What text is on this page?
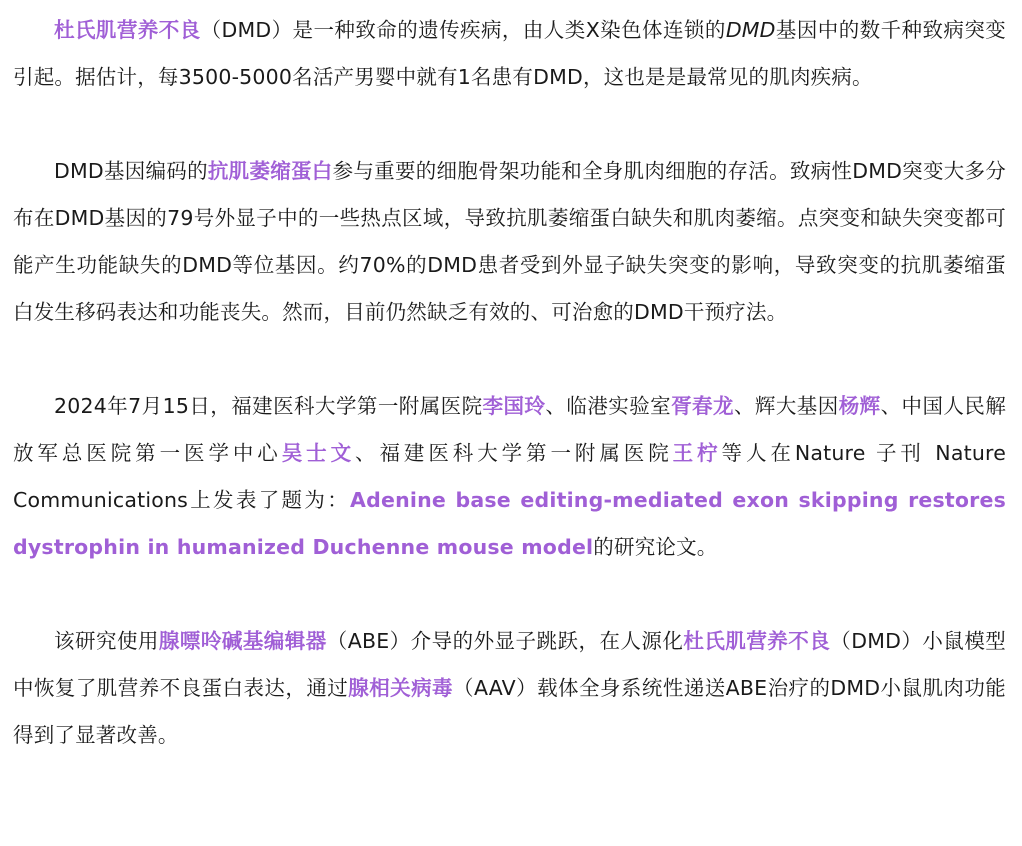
杜氏肌营养不良（DMD）是一种致命的遗传疾病，由人类X染色体连锁的DMD基因中的数千种致病突变引起。据估计，每3500-5000名活产男婴中就有1名患有DMD，这也是是最常见的肌肉疾病。

DMD基因编码的抗肌萎缩蛋白参与重要的细胞骨架功能和全身肌肉细胞的存活。致病性DMD突变大多分布在DMD基因的79号外显子中的一些热点区域，导致抗肌萎缩蛋白缺失和肌肉萎缩。点突变和缺失突变都可能产生功能缺失的DMD等位基因。约70%的DMD患者受到外显子缺失突变的影响，导致突变的抗肌萎缩蛋白发生移码表达和功能丧失。然而，目前仍然缺乏有效的、可治愈的DMD干预疗法。

2024年7月15日，福建医科大学第一附属医院李国玲、临港实验室胥春龙、辉大基因杨辉、中国人民解放军总医院第一医学中心吴士文、福建医科大学第一附属医院王柠等人在Nature 子刊 Nature Communications上发表了题为：Adenine base editing-mediated exon skipping restores dystrophin in humanized Duchenne mouse model的研究论文。

该研究使用腺嘌呤碱基编辑器（ABE）介导的外显子跳跃，在人源化杜氏肌营养不良（DMD）小鼠模型中恢复了肌营养不良蛋白表达，通过腺相关病毒（AAV）载体全身系统性递送ABE治疗的DMD小鼠肌肉功能得到了显著改善。
